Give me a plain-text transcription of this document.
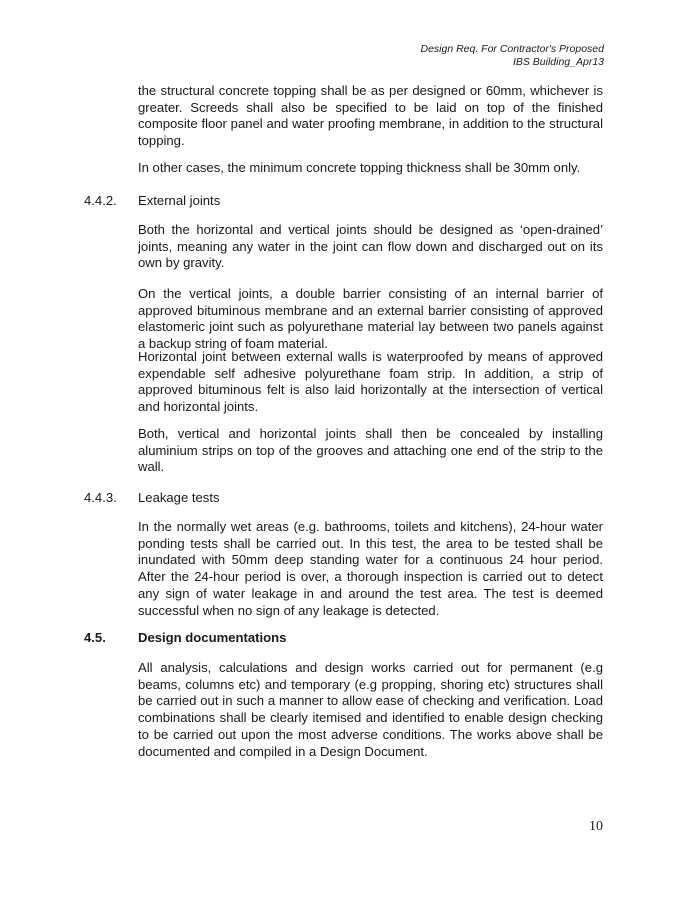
Design Req. For Contractor's Proposed
IBS Building_Apr13

the structural concrete topping shall be as per designed or 60mm, whichever is greater. Screeds shall also be specified to be laid on top of the finished composite floor panel and water proofing membrane, in addition to the structural topping.

In other cases, the minimum concrete topping thickness shall be 30mm only.

4.4.2. External joints

Both the horizontal and vertical joints should be designed as ‘open-drained’ joints, meaning any water in the joint can flow down and discharged out on its own by gravity.

On the vertical joints, a double barrier consisting of an internal barrier of approved bituminous membrane and an external barrier consisting of approved elastomeric joint such as polyurethane material lay between two panels against a backup string of foam material.

Horizontal joint between external walls is waterproofed by means of approved expendable self adhesive polyurethane foam strip. In addition, a strip of approved bituminous felt is also laid horizontally at the intersection of vertical and horizontal joints.

Both, vertical and horizontal joints shall then be concealed by installing aluminium strips on top of the grooves and attaching one end of the strip to the wall.

4.4.3. Leakage tests

In the normally wet areas (e.g. bathrooms, toilets and kitchens), 24-hour water ponding tests shall be carried out. In this test, the area to be tested shall be inundated with 50mm deep standing water for a continuous 24 hour period. After the 24-hour period is over, a thorough inspection is carried out to detect any sign of water leakage in and around the test area. The test is deemed successful when no sign of any leakage is detected.

4.5. Design documentations

All analysis, calculations and design works carried out for permanent (e.g beams, columns etc) and temporary (e.g propping, shoring etc) structures shall be carried out in such a manner to allow ease of checking and verification. Load combinations shall be clearly itemised and identified to enable design checking to be carried out upon the most adverse conditions. The works above shall be documented and compiled in a Design Document.

10
